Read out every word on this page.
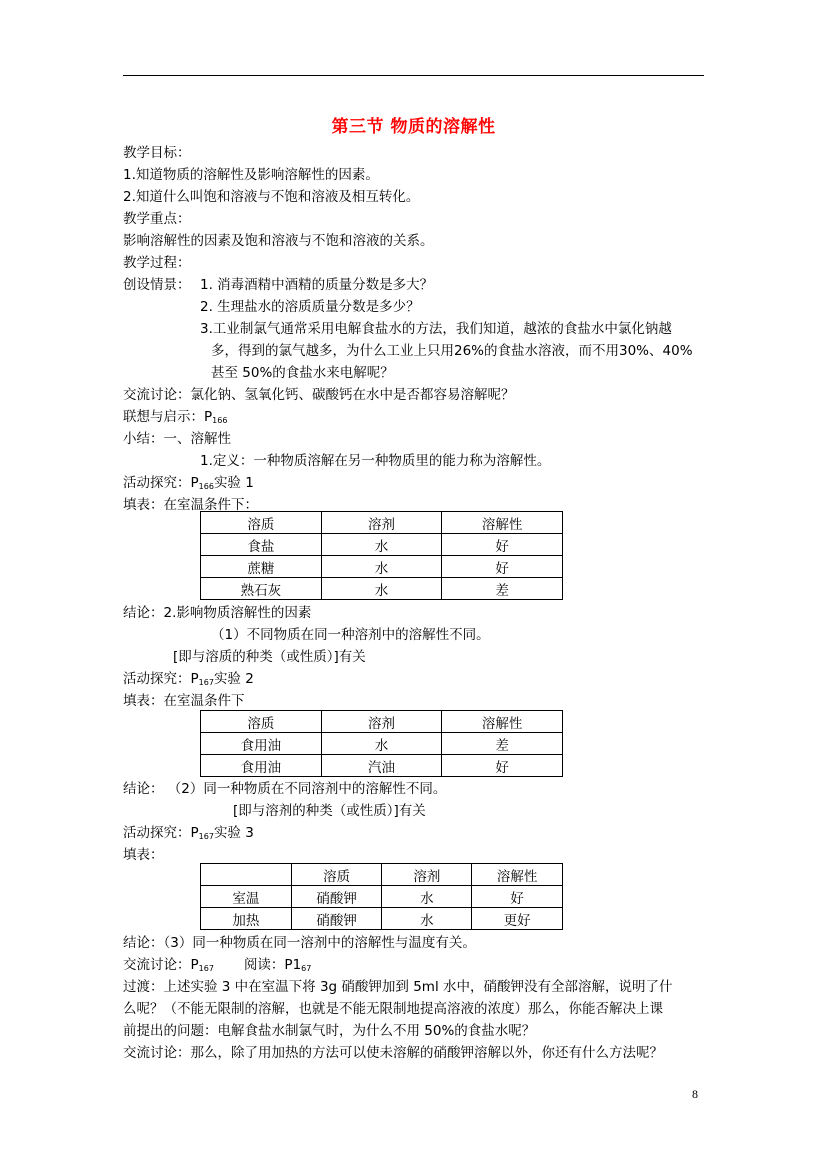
第三节 物质的溶解性
教学目标：
1.知道物质的溶解性及影响溶解性的因素。
2.知道什么叫饱和溶液与不饱和溶液及相互转化。
教学重点：
影响溶解性的因素及饱和溶液与不饱和溶液的关系。
教学过程：
创设情景： 1. 消毒酒精中酒精的质量分数是多大？
2. 生理盐水的溶质质量分数是多少？
3.工业制氯气通常采用电解食盐水的方法，我们知道，越浓的食盐水中氯化钠越
多，得到的氯气越多，为什么工业上只用26%的食盐水溶液，而不用30%、40%
甚至 50%的食盐水来电解呢？
交流讨论：氯化钠、氢氧化钙、碳酸钙在水中是否都容易溶解呢？
联想与启示：$P_{166}$
小结：一、溶解性
1.定义：一种物质溶解在另一种物质里的能力称为溶解性。
活动探究：$P_{166}$实验 1
填表：在室温条件下：
溶质	溶剂	溶解性
食盐	水	好
蔗糖	水	好
熟石灰	水	差
结论：2.影响物质溶解性的因素
（1）不同物质在同一种溶剂中的溶解性不同。
[即与溶质的种类（或性质）]有关
活动探究：$P_{167}$实验 2
填表：在室温条件下
溶质	溶剂	溶解性
食用油	水	差
食用油	汽油	好
结论： （2）同一种物质在不同溶剂中的溶解性不同。
[即与溶剂的种类（或性质）]有关
活动探究：$P_{167}$实验 3
填表：
	溶质	溶剂	溶解性
室温	硝酸钾	水	好
加热	硝酸钾	水	更好
结论：（3）同一种物质在同一溶剂中的溶解性与温度有关。
交流讨论：$P_{167}$ 阅读：$P1_{67}$
过渡：上述实验 3 中在室温下将 3g 硝酸钾加到 5ml 水中，硝酸钾没有全部溶解，说明了什
么呢？（不能无限制的溶解，也就是不能无限制地提高溶液的浓度）那么，你能否解决上课
前提出的问题：电解食盐水制氯气时，为什么不用 50%的食盐水呢？
交流讨论：那么，除了用加热的方法可以使未溶解的硝酸钾溶解以外，你还有什么方法呢？
8
